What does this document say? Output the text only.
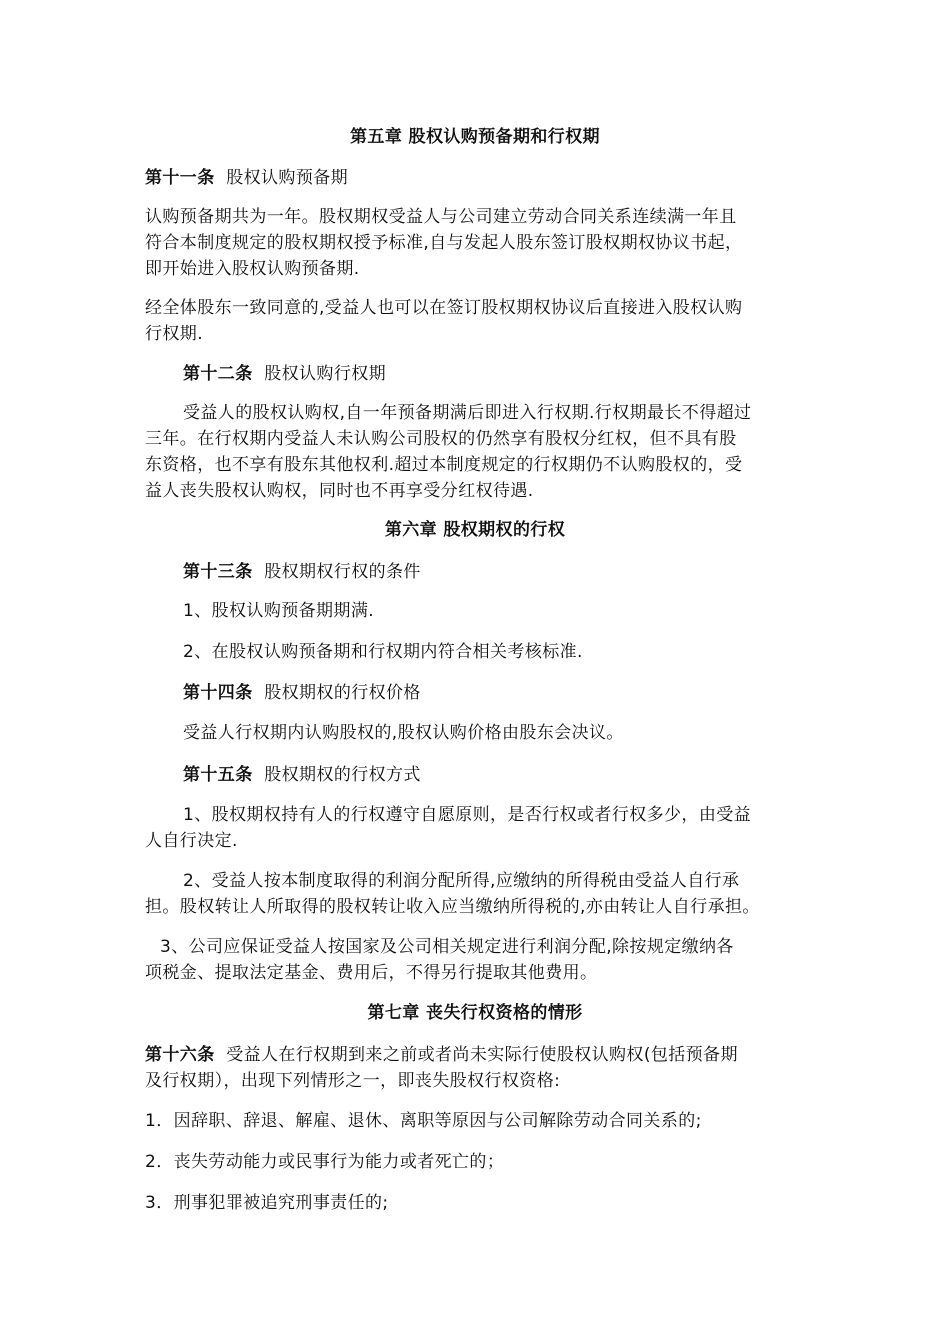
第五章 股权认购预备期和行权期
第十一条 股权认购预备期
认购预备期共为一年。股权期权受益人与公司建立劳动合同关系连续满一年且
符合本制度规定的股权期权授予标准,自与发起人股东签订股权期权协议书起，
即开始进入股权认购预备期.
经全体股东一致同意的,受益人也可以在签订股权期权协议后直接进入股权认购
行权期.
第十二条 股权认购行权期
受益人的股权认购权,自一年预备期满后即进入行权期.行权期最长不得超过
三年。在行权期内受益人未认购公司股权的仍然享有股权分红权，但不具有股
东资格，也不享有股东其他权利.超过本制度规定的行权期仍不认购股权的，受
益人丧失股权认购权，同时也不再享受分红权待遇.
第六章 股权期权的行权
第十三条 股权期权行权的条件
1、股权认购预备期期满.
2、在股权认购预备期和行权期内符合相关考核标准.
第十四条 股权期权的行权价格
受益人行权期内认购股权的,股权认购价格由股东会决议。
第十五条 股权期权的行权方式
1、股权期权持有人的行权遵守自愿原则，是否行权或者行权多少，由受益
人自行决定.
2、受益人按本制度取得的利润分配所得,应缴纳的所得税由受益人自行承
担。股权转让人所取得的股权转让收入应当缴纳所得税的,亦由转让人自行承担。
3、公司应保证受益人按国家及公司相关规定进行利润分配,除按规定缴纳各
项税金、提取法定基金、费用后，不得另行提取其他费用。
第七章 丧失行权资格的情形
第十六条 受益人在行权期到来之前或者尚未实际行使股权认购权(包括预备期
及行权期），出现下列情形之一，即丧失股权行权资格:
1．因辞职、辞退、解雇、退休、离职等原因与公司解除劳动合同关系的;
2．丧失劳动能力或民事行为能力或者死亡的；
3．刑事犯罪被追究刑事责任的;
